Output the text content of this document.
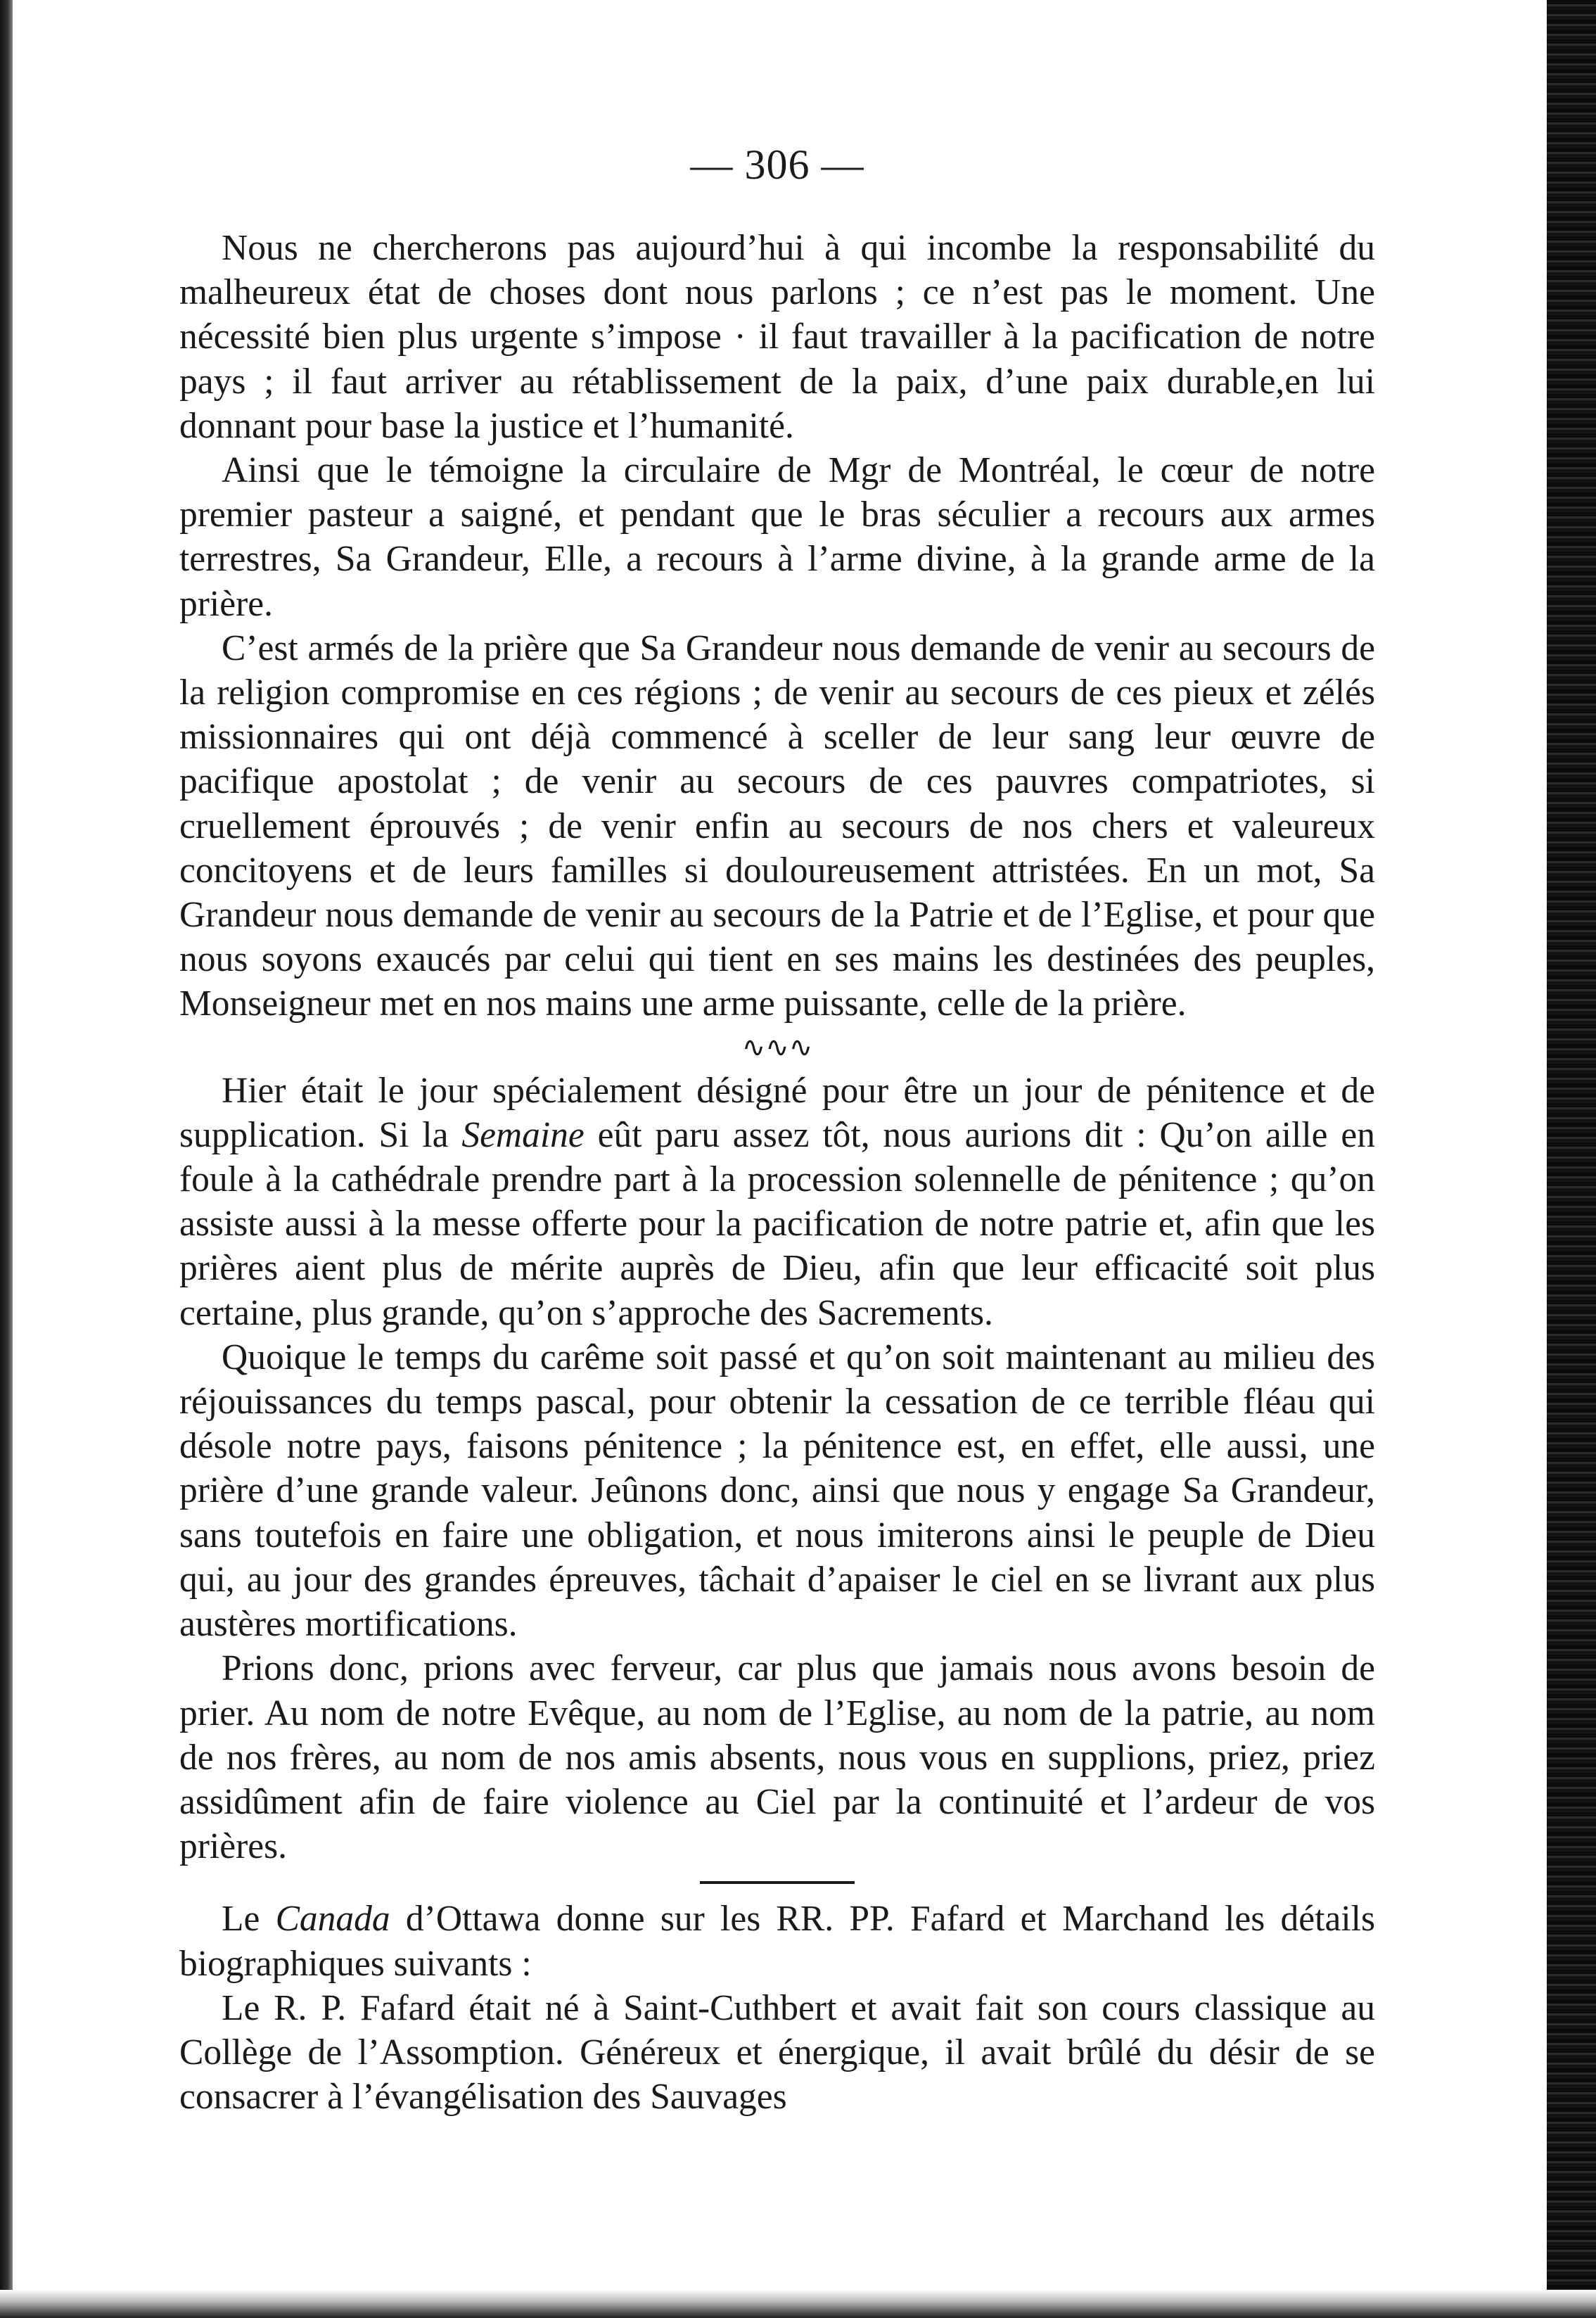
— 306 —

Nous ne chercherons pas aujourd’hui à qui incombe la responsabilité du malheureux état de choses dont nous parlons ; ce n’est pas le moment. Une nécessité bien plus urgente s’impose · il faut travailler à la pacification de notre pays ; il faut arriver au rétablissement de la paix, d’une paix durable,en lui donnant pour base la justice et l’humanité.

Ainsi que le témoigne la circulaire de Mgr de Montréal, le cœur de notre premier pasteur a saigné, et pendant que le bras séculier a recours aux armes terrestres, Sa Grandeur, Elle, a recours à l’arme divine, à la grande arme de la prière.

C’est armés de la prière que Sa Grandeur nous demande de venir au secours de la religion compromise en ces régions ; de venir au secours de ces pieux et zélés missionnaires qui ont déjà commencé à sceller de leur sang leur œuvre de pacifique apostolat ; de venir au secours de ces pauvres compatriotes, si cruellement éprouvés ; de venir enfin au secours de nos chers et valeureux concitoyens et de leurs familles si douloureusement attristées. En un mot, Sa Grandeur nous demande de venir au secours de la Patrie et de l’Eglise, et pour que nous soyons exaucés par celui qui tient en ses mains les destinées des peuples, Monseigneur met en nos mains une arme puissante, celle de la prière.

∿∿∿

Hier était le jour spécialement désigné pour être un jour de pénitence et de supplication. Si la Semaine eût paru assez tôt, nous aurions dit : Qu’on aille en foule à la cathédrale prendre part à la procession solennelle de pénitence ; qu’on assiste aussi à la messe offerte pour la pacification de notre patrie et, afin que les prières aient plus de mérite auprès de Dieu, afin que leur efficacité soit plus certaine, plus grande, qu’on s’approche des Sacrements.

Quoique le temps du carême soit passé et qu’on soit maintenant au milieu des réjouissances du temps pascal, pour obtenir la cessation de ce terrible fléau qui désole notre pays, faisons pénitence ; la pénitence est, en effet, elle aussi, une prière d’une grande valeur. Jeûnons donc, ainsi que nous y engage Sa Grandeur, sans toutefois en faire une obligation, et nous imiterons ainsi le peuple de Dieu qui, au jour des grandes épreuves, tâchait d’apaiser le ciel en se livrant aux plus austères mortifications.

Prions donc, prions avec ferveur, car plus que jamais nous avons besoin de prier. Au nom de notre Evêque, au nom de l’Eglise, au nom de la patrie, au nom de nos frères, au nom de nos amis absents, nous vous en supplions, priez, priez assidûment afin de faire violence au Ciel par la continuité et l’ardeur de vos prières.

Le Canada d’Ottawa donne sur les RR. PP. Fafard et Marchand les détails biographiques suivants :

Le R. P. Fafard était né à Saint-Cuthbert et avait fait son cours classique au Collège de l’Assomption. Généreux et énergique, il avait brûlé du désir de se consacrer à l’évangélisation des Sauvages
